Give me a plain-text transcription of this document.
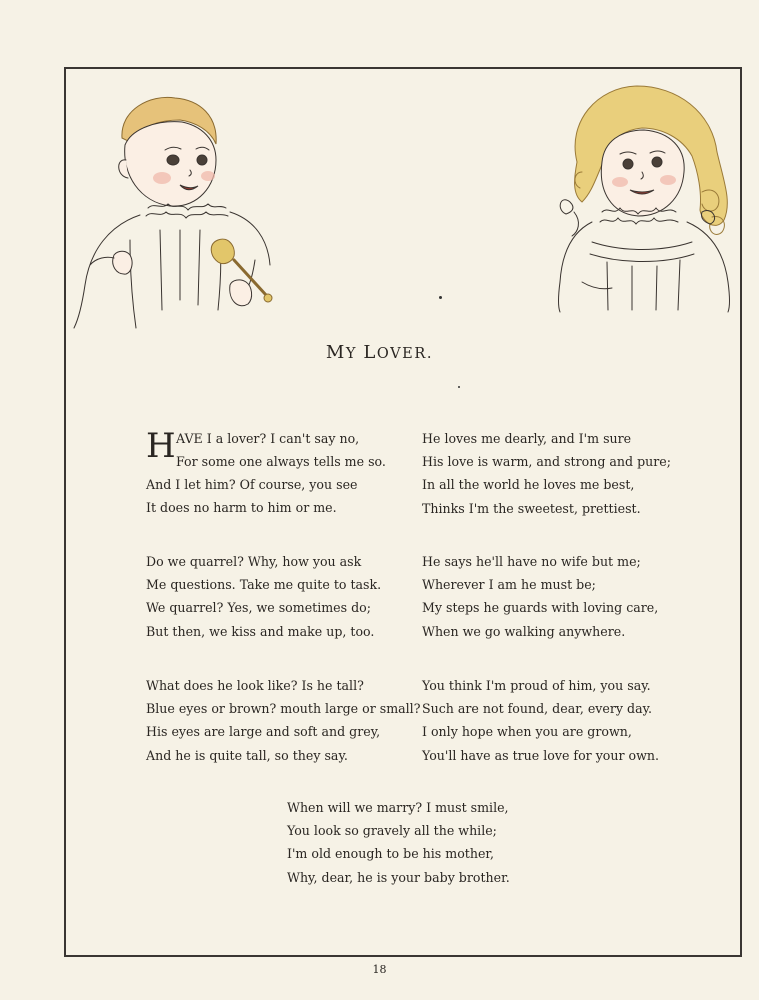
MY LOVER.
H AVE I a lover? I can't say no,
For some one always tells me so.
And I let him? Of course, you see
It does no harm to him or me.
He loves me dearly, and I'm sure
His love is warm, and strong and pure;
In all the world he loves me best,
Thinks I'm the sweetest, prettiest.
Do we quarrel? Why, how you ask
Me questions. Take me quite to task.
We quarrel? Yes, we sometimes do;
But then, we kiss and make up, too.
He says he'll have no wife but me;
Wherever I am he must be;
My steps he guards with loving care,
When we go walking anywhere.
What does he look like? Is he tall?
Blue eyes or brown? mouth large or small?
His eyes are large and soft and grey,
And he is quite tall, so they say.
You think I'm proud of him, you say.
Such are not found, dear, every day.
I only hope when you are grown,
You'll have as true love for your own.
When will we marry? I must smile,
You look so gravely all the while;
I'm old enough to be his mother,
Why, dear, he is your baby brother.
18
